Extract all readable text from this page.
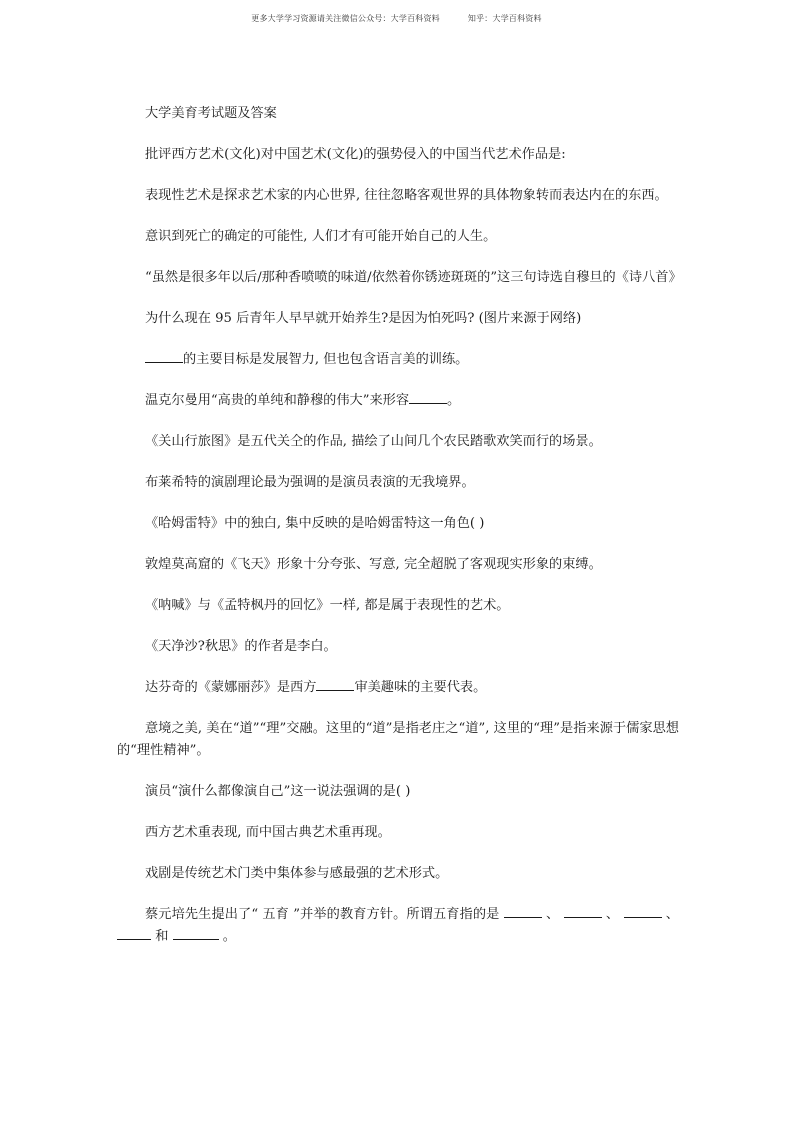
更多大学学习资源请关注微信公众号：大学百科资料	知乎：大学百科资料

大学美育考试题及答案

批评西方艺术(文化)对中国艺术(文化)的强势侵入的中国当代艺术作品是:

表现性艺术是探求艺术家的内心世界, 往往忽略客观世界的具体物象转而表达内在的东西。

意识到死亡的确定的可能性, 人们才有可能开始自己的人生。

“虽然是很多年以后/那种香喷喷的味道/依然着你锈迹斑斑的”这三句诗选自穆旦的《诗八首》

为什么现在 95 后青年人早早就开始养生?是因为怕死吗? (图片来源于网络)

的主要目标是发展智力, 但也包含语言美的训练。

温克尔曼用“高贵的单纯和静穆的伟大”来形容	。

《关山行旅图》是五代关仝的作品, 描绘了山间几个农民踏歌欢笑而行的场景。

布莱希特的演剧理论最为强调的是演员表演的无我境界。

《哈姆雷特》中的独白, 集中反映的是哈姆雷特这一角色( )

敦煌莫高窟的《飞天》形象十分夸张、写意, 完全超脱了客观现实形象的束缚。

《呐喊》与《孟特枫丹的回忆》一样, 都是属于表现性的艺术。

《天净沙?秋思》的作者是李白。

达芬奇的《蒙娜丽莎》是西方	审美趣味的主要代表。

意境之美, 美在“道”“理”交融。这里的“道”是指老庄之“道”, 这里的“理”是指来源于儒家思想的“理性精神”。

演员“演什么都像演自己”这一说法强调的是( )

西方艺术重表现, 而中国古典艺术重再现。

戏剧是传统艺术门类中集体参与感最强的艺术形式。

蔡元培先生提出了“ 五育 ”并举的教育方针。所谓五育指的是	、	、	、  和	。
